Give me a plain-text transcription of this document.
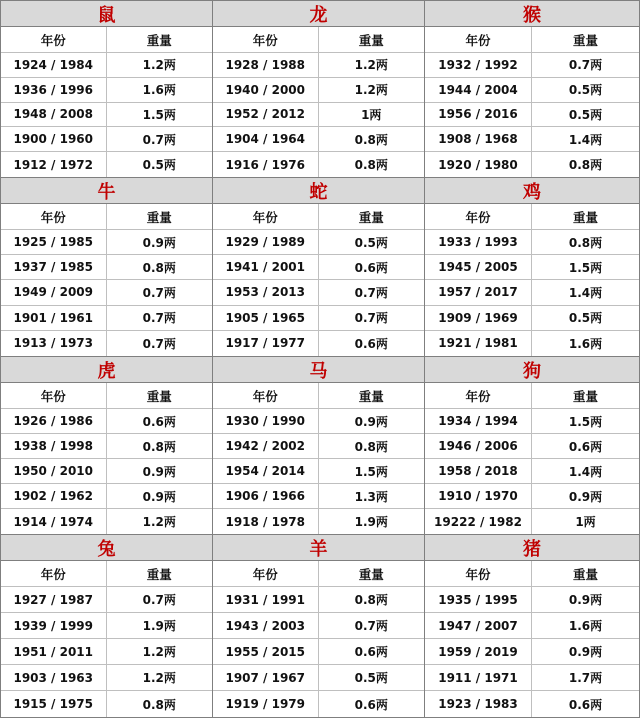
鼠
年份	重量
1924 / 1984	1.2两
1936 / 1996	1.6两
1948 / 2008	1.5两
1900 / 1960	0.7两
1912 / 1972	0.5两
龙
年份	重量
1928 / 1988	1.2两
1940 / 2000	1.2两
1952 / 2012	1两
1904 / 1964	0.8两
1916 / 1976	0.8两
猴
年份	重量
1932 / 1992	0.7两
1944 / 2004	0.5两
1956 / 2016	0.5两
1908 / 1968	1.4两
1920 / 1980	0.8两
牛
年份	重量
1925 / 1985	0.9两
1937 / 1985	0.8两
1949 / 2009	0.7两
1901 / 1961	0.7两
1913 / 1973	0.7两
蛇
年份	重量
1929 / 1989	0.5两
1941 / 2001	0.6两
1953 / 2013	0.7两
1905 / 1965	0.7两
1917 / 1977	0.6两
鸡
年份	重量
1933 / 1993	0.8两
1945 / 2005	1.5两
1957 / 2017	1.4两
1909 / 1969	0.5两
1921 / 1981	1.6两
虎
年份	重量
1926 / 1986	0.6两
1938 / 1998	0.8两
1950 / 2010	0.9两
1902 / 1962	0.9两
1914 / 1974	1.2两
马
年份	重量
1930 / 1990	0.9两
1942 / 2002	0.8两
1954 / 2014	1.5两
1906 / 1966	1.3两
1918 / 1978	1.9两
狗
年份	重量
1934 / 1994	1.5两
1946 / 2006	0.6两
1958 / 2018	1.4两
1910 / 1970	0.9两
19222 / 1982	1两
兔
年份	重量
1927 / 1987	0.7两
1939 / 1999	1.9两
1951 / 2011	1.2两
1903 / 1963	1.2两
1915 / 1975	0.8两
羊
年份	重量
1931 / 1991	0.8两
1943 / 2003	0.7两
1955 / 2015	0.6两
1907 / 1967	0.5两
1919 / 1979	0.6两
猪
年份	重量
1935 / 1995	0.9两
1947 / 2007	1.6两
1959 / 2019	0.9两
1911 / 1971	1.7两
1923 / 1983	0.6两
